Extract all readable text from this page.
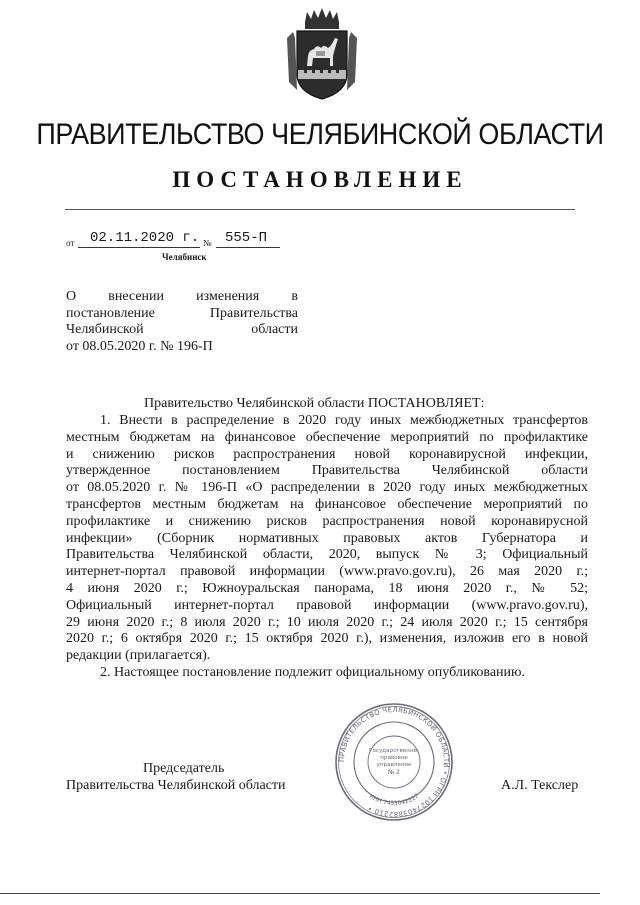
ПРАВИТЕЛЬСТВО ЧЕЛЯБИНСКОЙ ОБЛАСТИ
ПОСТАНОВЛЕНИЕ
от 02.11.2020 г. № 555-П
Челябинск
О внесении изменения в
постановление Правительства
Челябинской области
от 08.05.2020 г. № 196-П
Правительство Челябинской области ПОСТАНОВЛЯЕТ:
1. Внести в распределение в 2020 году иных межбюджетных трансфертов
местным бюджетам на финансовое обеспечение мероприятий по профилактике
и снижению рисков распространения новой коронавирусной инфекции,
утвержденное постановлением Правительства Челябинской области
от 08.05.2020 г. № 196-П «О распределении в 2020 году иных межбюджетных
трансфертов местным бюджетам на финансовое обеспечение мероприятий по
профилактике и снижению рисков распространения новой коронавирусной
инфекции» (Сборник нормативных правовых актов Губернатора и
Правительства Челябинской области, 2020, выпуск № 3; Официальный
интернет-портал правовой информации (www.pravo.gov.ru), 26 мая 2020 г.;
4 июня 2020 г.; Южноуральская панорама, 18 июня 2020 г., № 52;
Официальный интернет-портал правовой информации (www.pravo.gov.ru),
29 июня 2020 г.; 8 июля 2020 г.; 10 июля 2020 г.; 24 июля 2020 г.; 15 сентября
2020 г.; 6 октября 2020 г.; 15 октября 2020 г.), изменения, изложив его в новой
редакции (прилагается).
2. Настоящее постановление подлежит официальному опубликованию.
Председатель
Правительства Челябинской области	А.Л. Текслер
ПРАВИТЕЛЬСТВО ЧЕЛЯБИНСКОЙ ОБЛАСТИ • ОГРН 1027403882210 •
ИНН 7453042227
Государственно-
правовое
управление
№ 2
